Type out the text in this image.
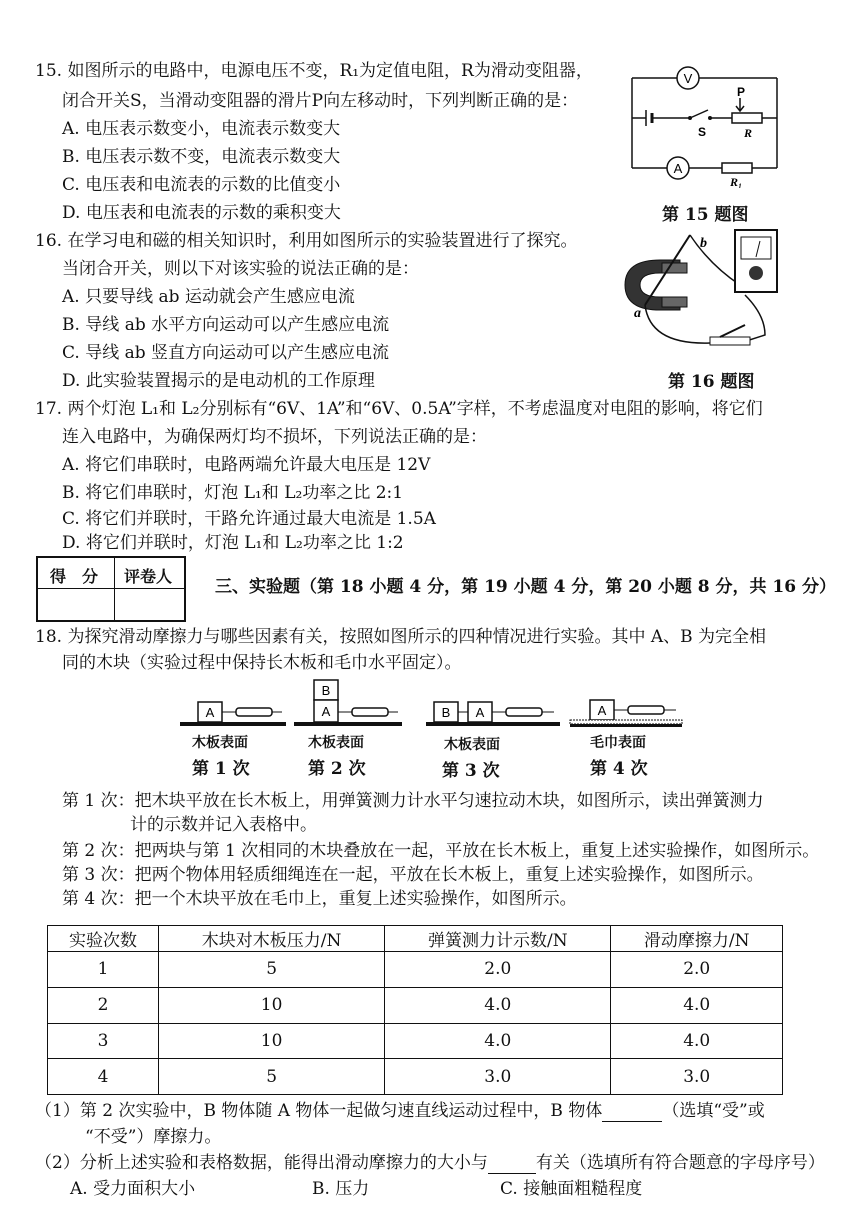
15. 如图所示的电路中，电源电压不变，R₁为定值电阻，R为滑动变阻器，
闭合开关S，当滑动变阻器的滑片P向左移动时，下列判断正确的是：
A. 电压表示数变小，电流表示数变大
B. 电压表示数不变，电流表示数变大
C. 电压表和电流表的示数的比值变小
D. 电压表和电流表的示数的乘积变大
V
A
P
S	R
R₁
第 15 题图
16. 在学习电和磁的相关知识时，利用如图所示的实验装置进行了探究。
当闭合开关，则以下对该实验的说法正确的是：
A. 只要导线 ab 运动就会产生感应电流
B. 导线 ab 水平方向运动可以产生感应电流
C. 导线 ab 竖直方向运动可以产生感应电流
D. 此实验装置揭示的是电动机的工作原理
b
a
第 16 题图
17. 两个灯泡 L₁和 L₂分别标有“6V、1A”和“6V、0.5A”字样，不考虑温度对电阻的影响，将它们
连入电路中，为确保两灯均不损坏，下列说法正确的是：
A. 将它们串联时，电路两端允许最大电压是 12V
B. 将它们串联时，灯泡 L₁和 L₂功率之比 2:1
C. 将它们并联时，干路允许通过最大电流是 1.5A
D. 将它们并联时，灯泡 L₁和 L₂功率之比 1:2
得　分 评卷人
三、实验题（第 18 小题 4 分，第 19 小题 4 分，第 20 小题 8 分，共 16 分）
18. 为探究滑动摩擦力与哪些因素有关，按照如图所示的四种情况进行实验。其中 A、B 为完全相
同的木块（实验过程中保持长木板和毛巾水平固定）。
A
木板表面
第 1 次
B
A
木板表面
第 2 次
B A
木板表面
第 3 次
A
毛巾表面
第 4 次
第 1 次：把木块平放在长木板上，用弹簧测力计水平匀速拉动木块，如图所示，读出弹簧测力
计的示数并记入表格中。
第 2 次：把两块与第 1 次相同的木块叠放在一起，平放在长木板上，重复上述实验操作，如图所示。
第 3 次：把两个物体用轻质细绳连在一起，平放在长木板上，重复上述实验操作，如图所示。
第 4 次：把一个木块平放在毛巾上，重复上述实验操作，如图所示。
实验次数	木块对木板压力/N	弹簧测力计示数/N	滑动摩擦力/N
1	5	2.0	2.0
2	10	4.0	4.0
3	10	4.0	4.0
4	5	3.0	3.0
（1）第 2 次实验中，B 物体随 A 物体一起做匀速直线运动过程中，B 物体	（选填“受”或
“不受”）摩擦力。
（2）分析上述实验和表格数据，能得出滑动摩擦力的大小与	有关（选填所有符合题意的字母序号）
A. 受力面积大小	B. 压力	C. 接触面粗糙程度
